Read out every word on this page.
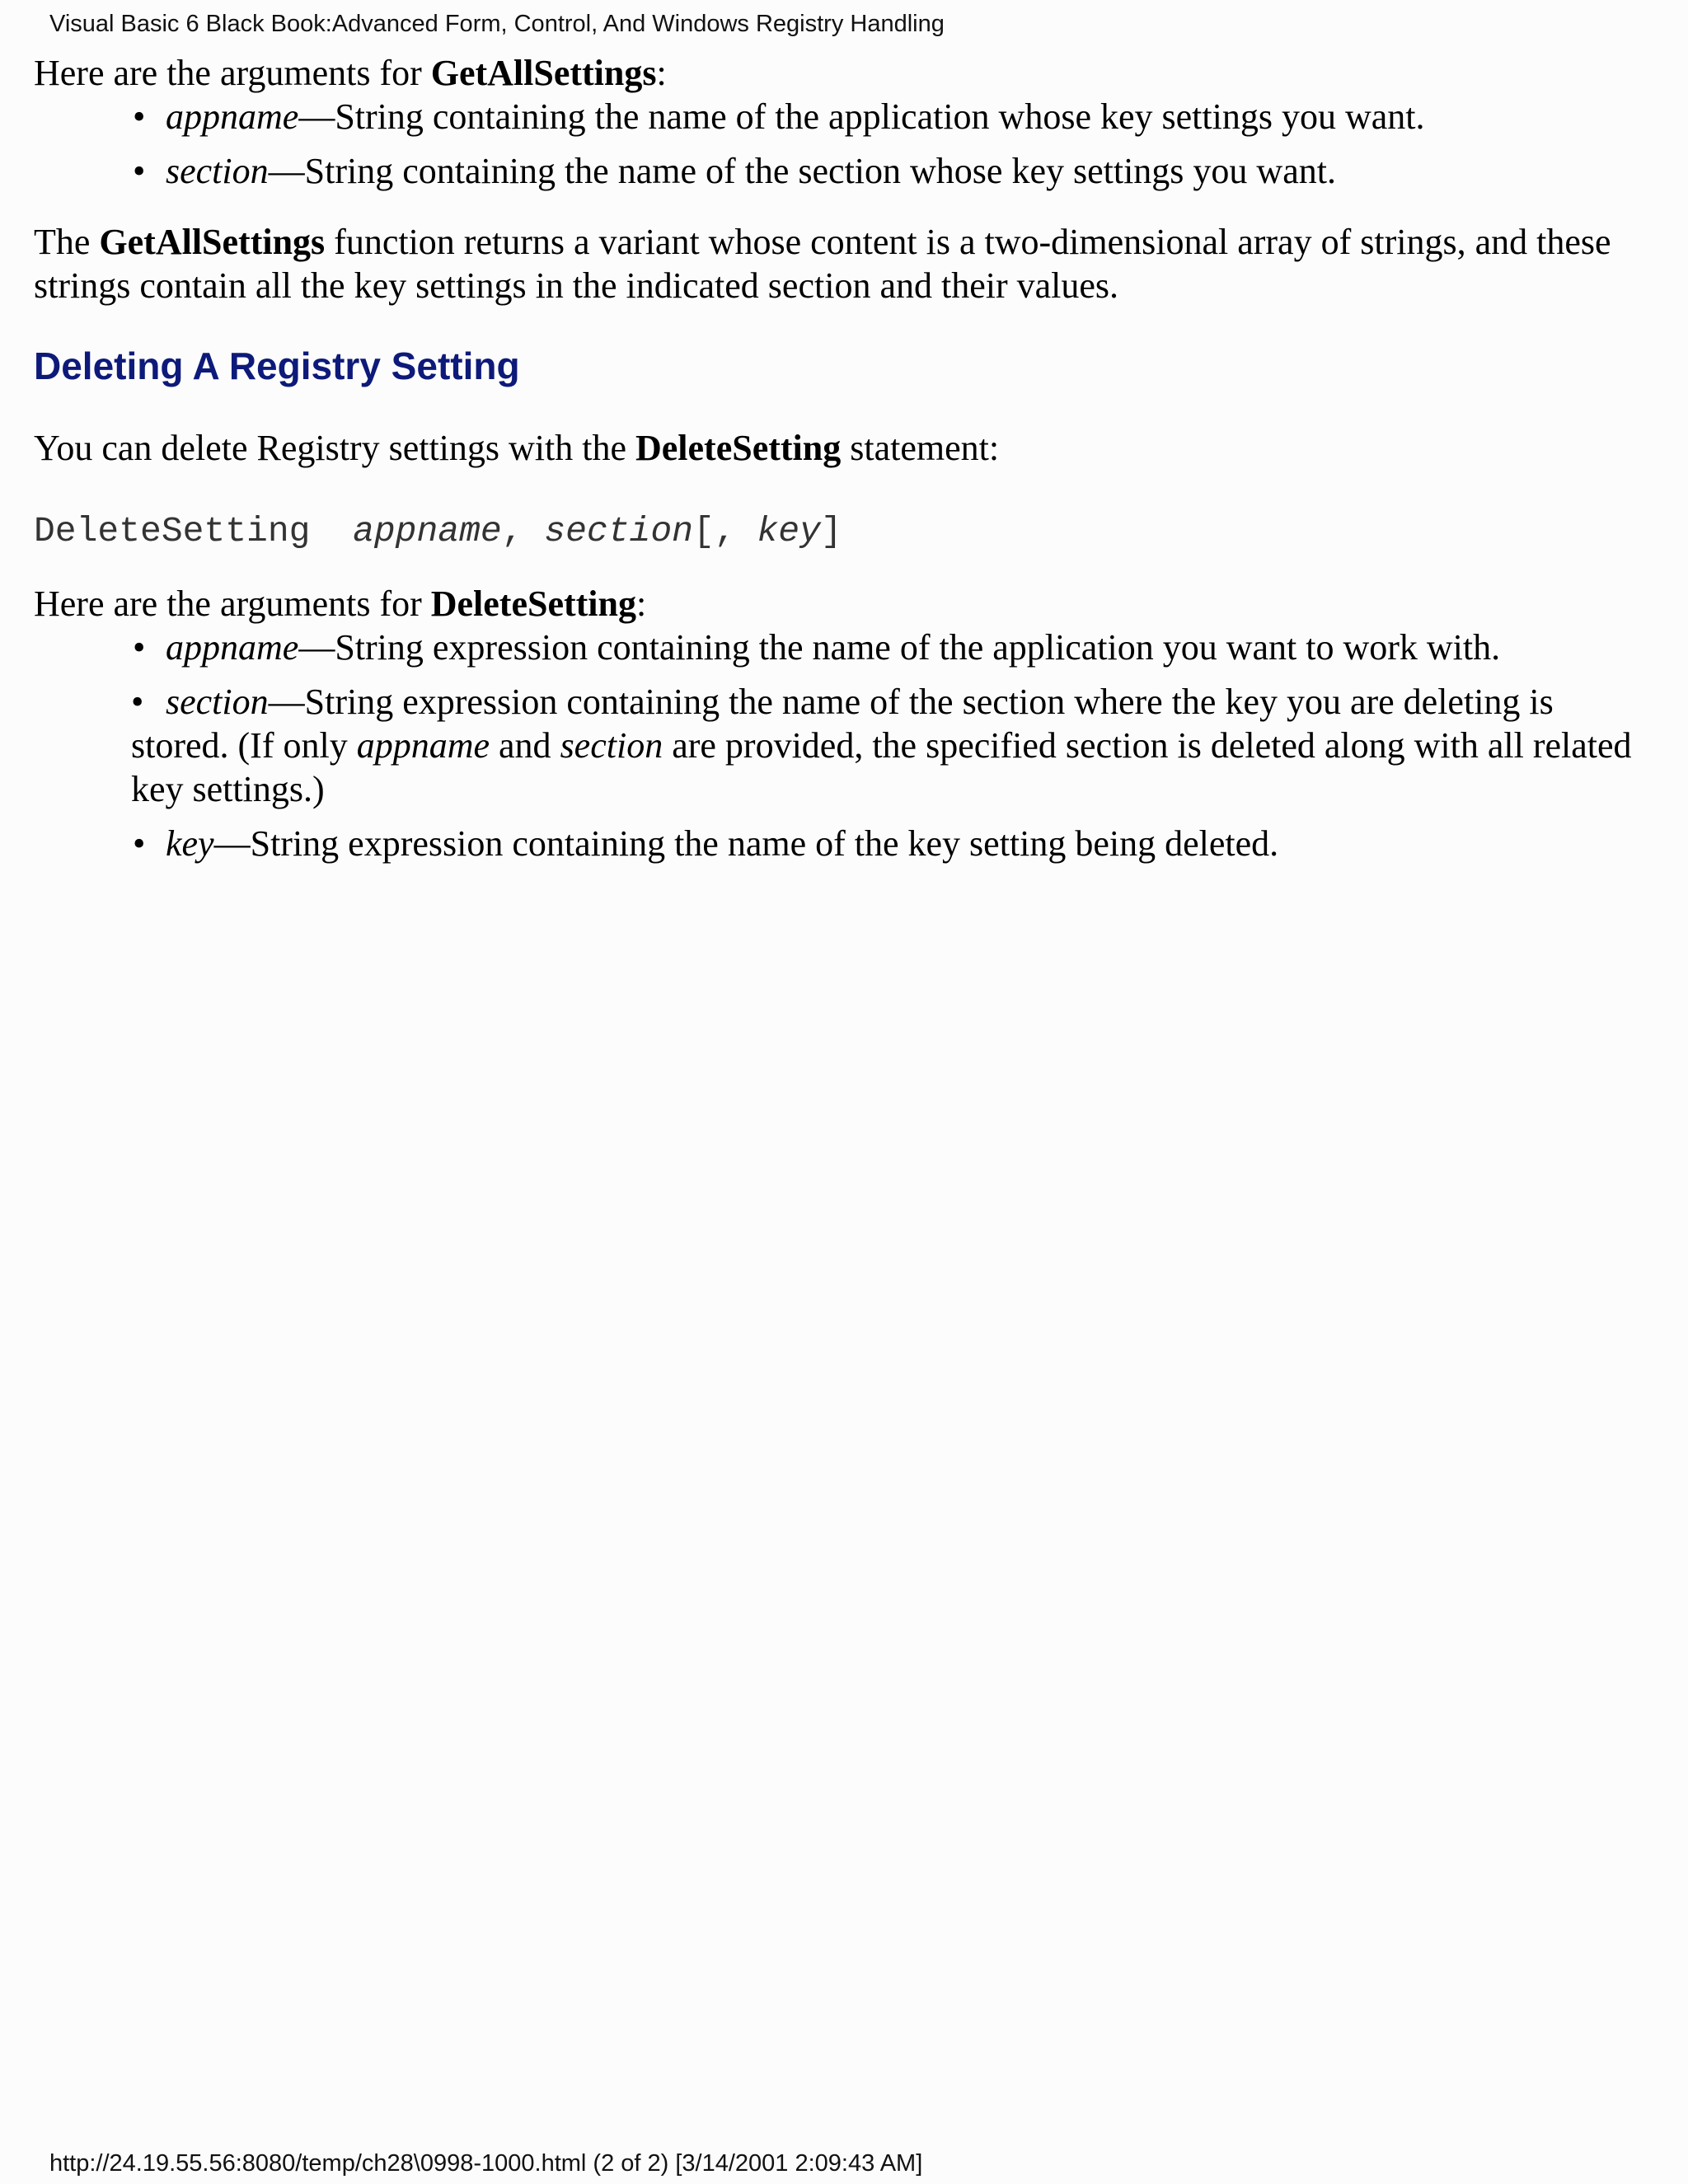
Visual Basic 6 Black Book:Advanced Form, Control, And Windows Registry Handling

Here are the arguments for GetAllSettings:

• appname—String containing the name of the application whose key settings you want.
• section—String containing the name of the section whose key settings you want.

The GetAllSettings function returns a variant whose content is a two-dimensional array of strings, and these strings contain all the key settings in the indicated section and their values.

Deleting A Registry Setting

You can delete Registry settings with the DeleteSetting statement:

DeleteSetting  appname, section[, key]

Here are the arguments for DeleteSetting:

• appname—String expression containing the name of the application you want to work with.
• section—String expression containing the name of the section where the key you are deleting is stored. (If only appname and section are provided, the specified section is deleted along with all related key settings.)
• key—String expression containing the name of the key setting being deleted.
http://24.19.55.56:8080/temp/ch28\0998-1000.html (2 of 2) [3/14/2001 2:09:43 AM]
